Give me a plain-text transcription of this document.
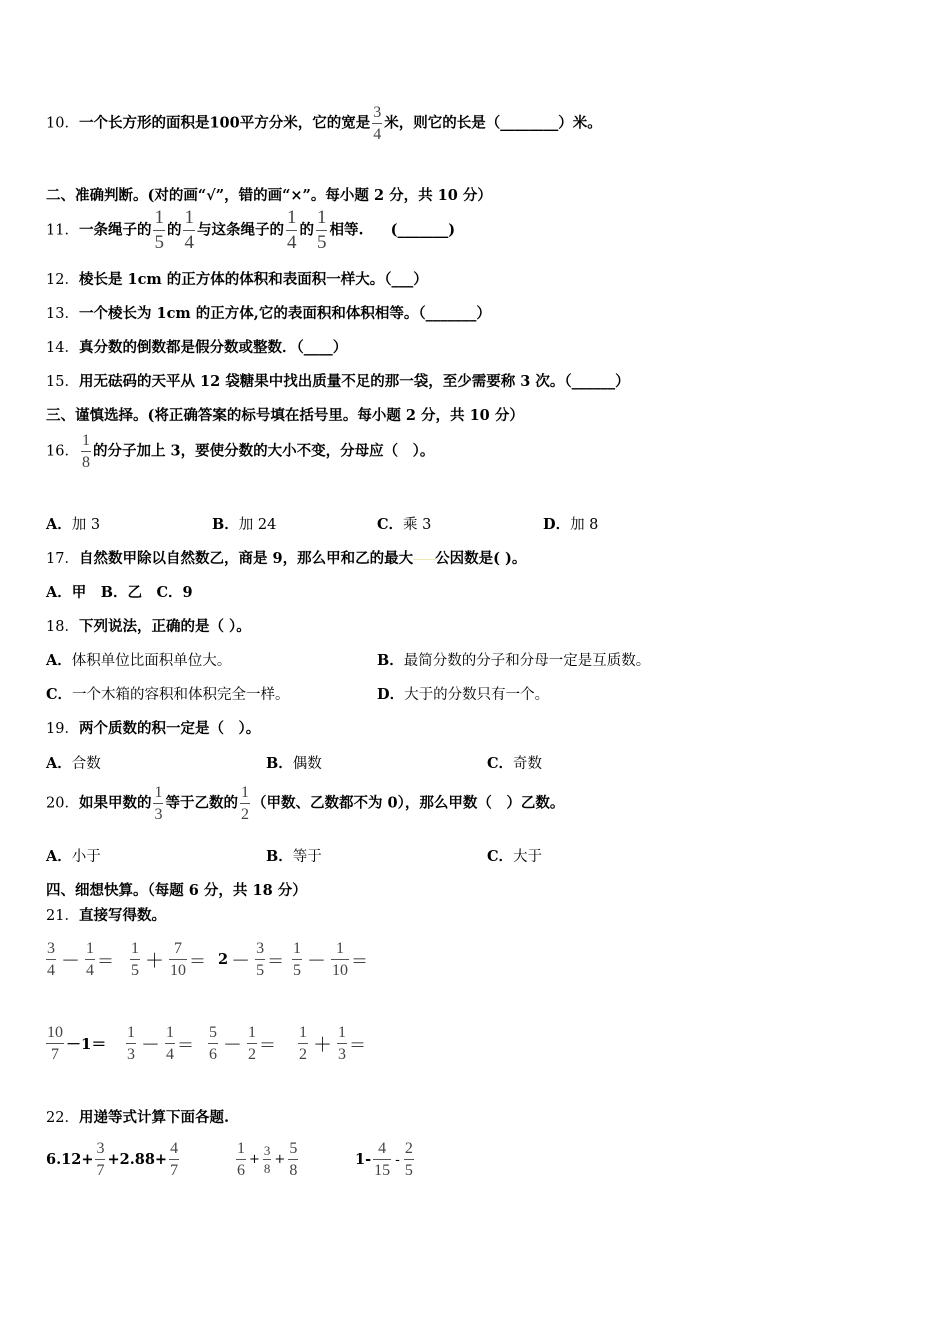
10．一个长方形的面积是100平方分米，它的宽是 $\frac{3}{4}$ 米，则它的长是（________）米。
二、准确判断。(对的画“√”，错的画“×”。每小题 2 分，共 10 分）
11．一条绳子的 $\frac{1}{5}$ 的 $\frac{1}{4}$ 与这条绳子的 $\frac{1}{4}$ 的 $\frac{1}{5}$ 相等. (_______)
12．棱长是 1cm 的正方体的体积和表面积一样大。（___）
13．一个棱长为 1cm 的正方体,它的表面积和体积相等。（_______）
14．真分数的倒数都是假分数或整数．（____）
15．用无砝码的天平从 12 袋糖果中找出质量不足的那一袋，至少需要称 3 次。（______）
三、谨慎选择。(将正确答案的标号填在括号里。每小题 2 分，共 10 分）
16． $\frac{1}{8}$ 的分子加上 3，要使分数的大小不变，分母应（　）。
A．加 3	B．加 24	C．乘 3	D．加 8
17．自然数甲除以自然数乙，商是 9，那么甲和乙的最大 公因数是( )。
A．甲　B．乙　C．9
18．下列说法，正确的是（ ）。
A．体积单位比面积单位大。	B．最简分数的分子和分母一定是互质数。
C．一个木箱的容积和体积完全一样。	D．大于的分数只有一个。
19．两个质数的积一定是（　）。
A．合数	B．偶数	C．奇数
20．如果甲数的 $\frac{1}{3}$ 等于乙数的 $\frac{1}{2}$ （甲数、乙数都不为 0），那么甲数（　）乙数。
A．小于	B．等于	C．大于
四、细想快算。（每题 6 分，共 18 分）
21．直接写得数。
$\frac{3}{4} - \frac{1}{4} = \frac{1}{5} + \frac{7}{10} = 2 - \frac{3}{5} = \frac{1}{5} - \frac{1}{10}$ ＝
$\frac{10}{7} -1= \frac{1}{3} - \frac{1}{4} = \frac{5}{6} - \frac{1}{2} = \frac{1}{2} + \frac{1}{3}$ ＝
22．用递等式计算下面各题.
$6.12+ \frac{3}{7} +2.88+ \frac{4}{7}$	$\frac{1}{6} + \frac{3}{8} + \frac{5}{8}$	$1- \frac{4}{15} - \frac{2}{5}$
